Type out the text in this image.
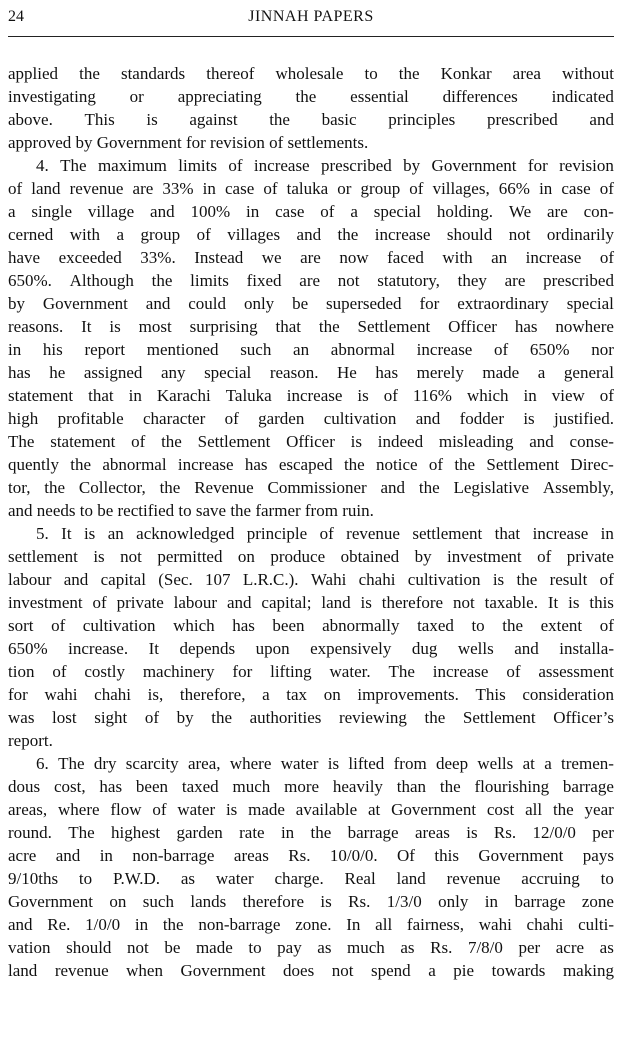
24	JINNAH PAPERS
applied the standards thereof wholesale to the Konkar area without
investigating or appreciating the essential differences indicated
above. This is against the basic principles prescribed and
approved by Government for revision of settlements.
4. The maximum limits of increase prescribed by Government for revision
of land revenue are 33% in case of taluka or group of villages, 66% in case of
a single village and 100% in case of a special holding. We are con-
cerned with a group of villages and the increase should not ordinarily
have exceeded 33%. Instead we are now faced with an increase of
650%. Although the limits fixed are not statutory, they are prescribed
by Government and could only be superseded for extraordinary special
reasons. It is most surprising that the Settlement Officer has nowhere
in his report mentioned such an abnormal increase of 650% nor
has he assigned any special reason. He has merely made a general
statement that in Karachi Taluka increase is of 116% which in view of
high profitable character of garden cultivation and fodder is justified.
The statement of the Settlement Officer is indeed misleading and conse-
quently the abnormal increase has escaped the notice of the Settlement Direc-
tor, the Collector, the Revenue Commissioner and the Legislative Assembly,
and needs to be rectified to save the farmer from ruin.
5. It is an acknowledged principle of revenue settlement that increase in
settlement is not permitted on produce obtained by investment of private
labour and capital (Sec. 107 L.R.C.). Wahi chahi cultivation is the result of
investment of private labour and capital; land is therefore not taxable. It is this
sort of cultivation which has been abnormally taxed to the extent of
650% increase. It depends upon expensively dug wells and installa-
tion of costly machinery for lifting water. The increase of assessment
for wahi chahi is, therefore, a tax on improvements. This consideration
was lost sight of by the authorities reviewing the Settlement Officer’s
report.
6. The dry scarcity area, where water is lifted from deep wells at a tremen-
dous cost, has been taxed much more heavily than the flourishing barrage
areas, where flow of water is made available at Government cost all the year
round. The highest garden rate in the barrage areas is Rs. 12/0/0 per
acre and in non-barrage areas Rs. 10/0/0. Of this Government pays
9/10ths to P.W.D. as water charge. Real land revenue accruing to
Government on such lands therefore is Rs. 1/3/0 only in barrage zone
and Re. 1/0/0 in the non-barrage zone. In all fairness, wahi chahi culti-
vation should not be made to pay as much as Rs. 7/8/0 per acre as
land revenue when Government does not spend a pie towards making
